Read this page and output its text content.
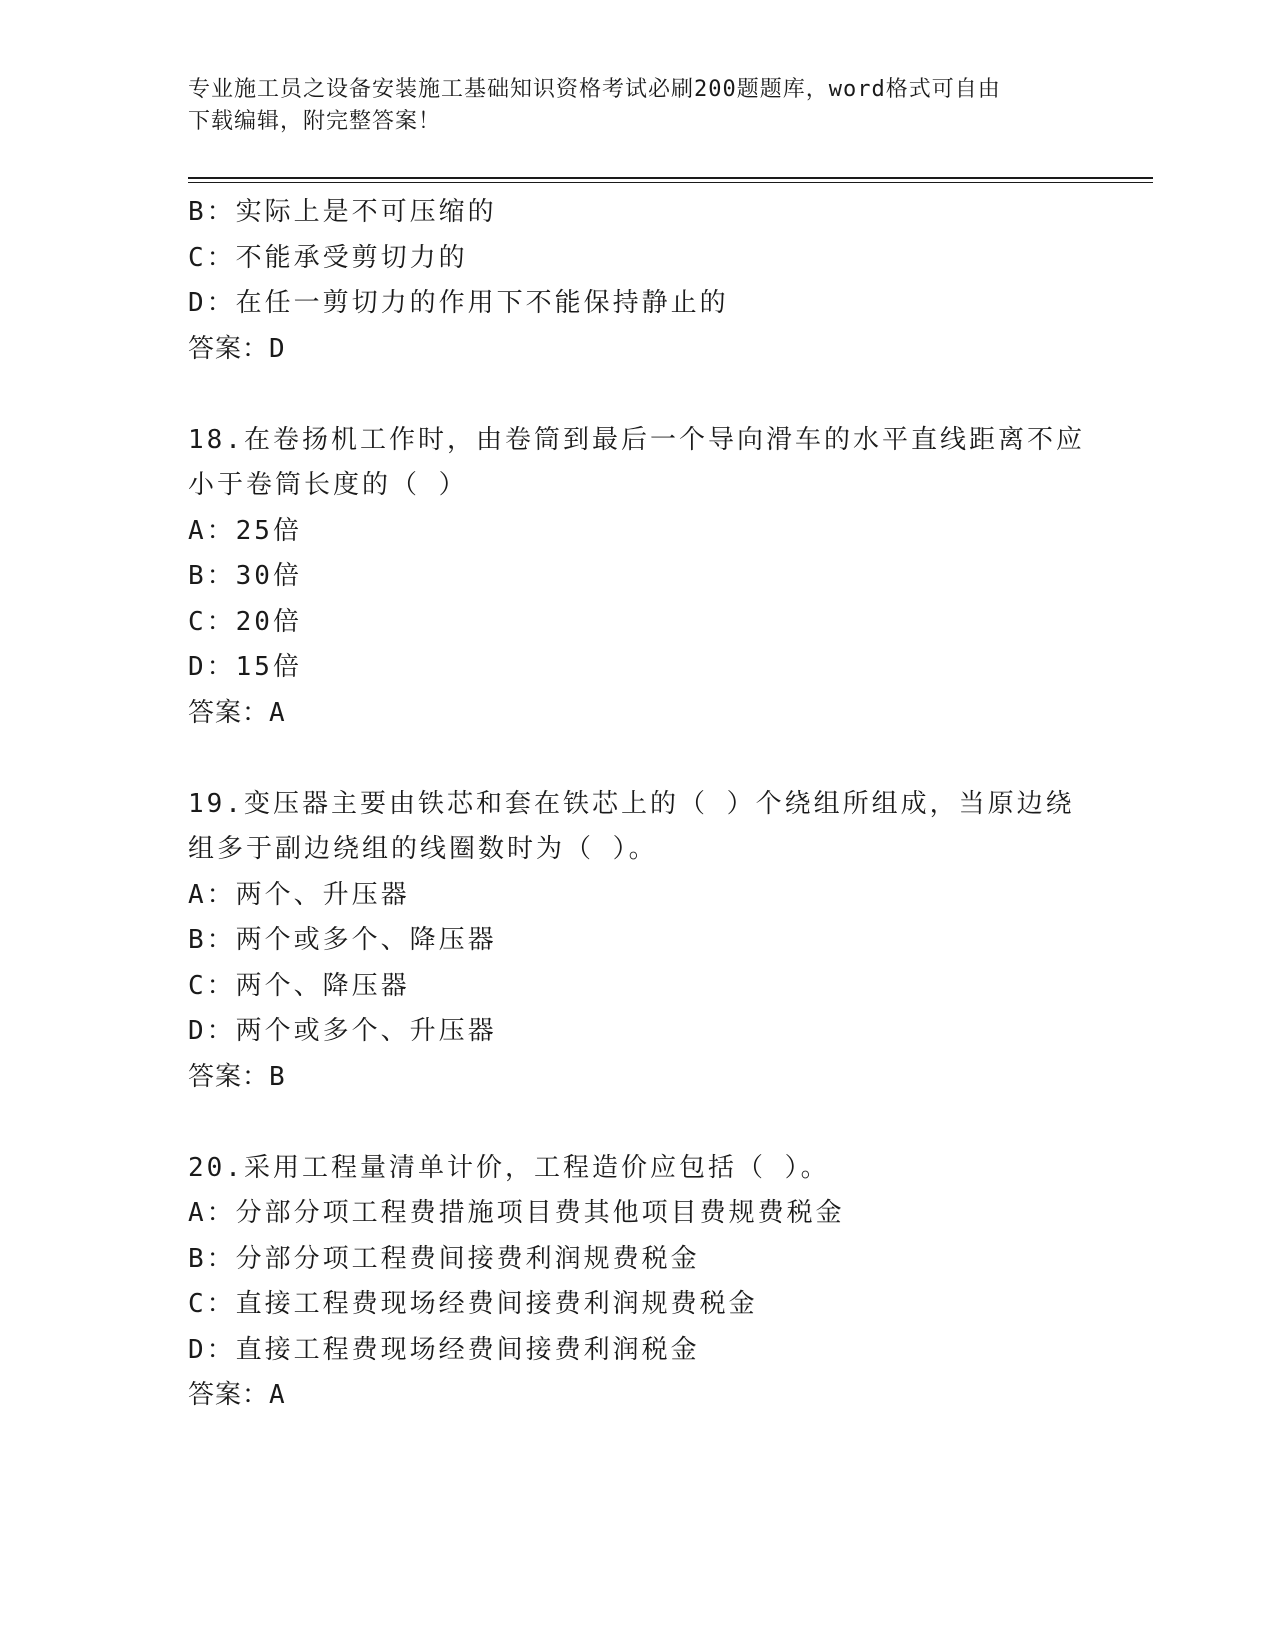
专业施工员之设备安装施工基础知识资格考试必刷200题题库，word格式可自由
下载编辑，附完整答案！
B：实际上是不可压缩的
C：不能承受剪切力的
D：在任一剪切力的作用下不能保持静止的
答案：D
18.在卷扬机工作时，由卷筒到最后一个导向滑车的水平直线距离不应
小于卷筒长度的（ ）
A：25倍
B：30倍
C：20倍
D：15倍
答案：A
19.变压器主要由铁芯和套在铁芯上的（ ）个绕组所组成，当原边绕
组多于副边绕组的线圈数时为（ ）。
A：两个、升压器
B：两个或多个、降压器
C：两个、降压器
D：两个或多个、升压器
答案：B
20.采用工程量清单计价，工程造价应包括（ ）。
A：分部分项工程费措施项目费其他项目费规费税金
B：分部分项工程费间接费利润规费税金
C：直接工程费现场经费间接费利润规费税金
D：直接工程费现场经费间接费利润税金
答案：A
